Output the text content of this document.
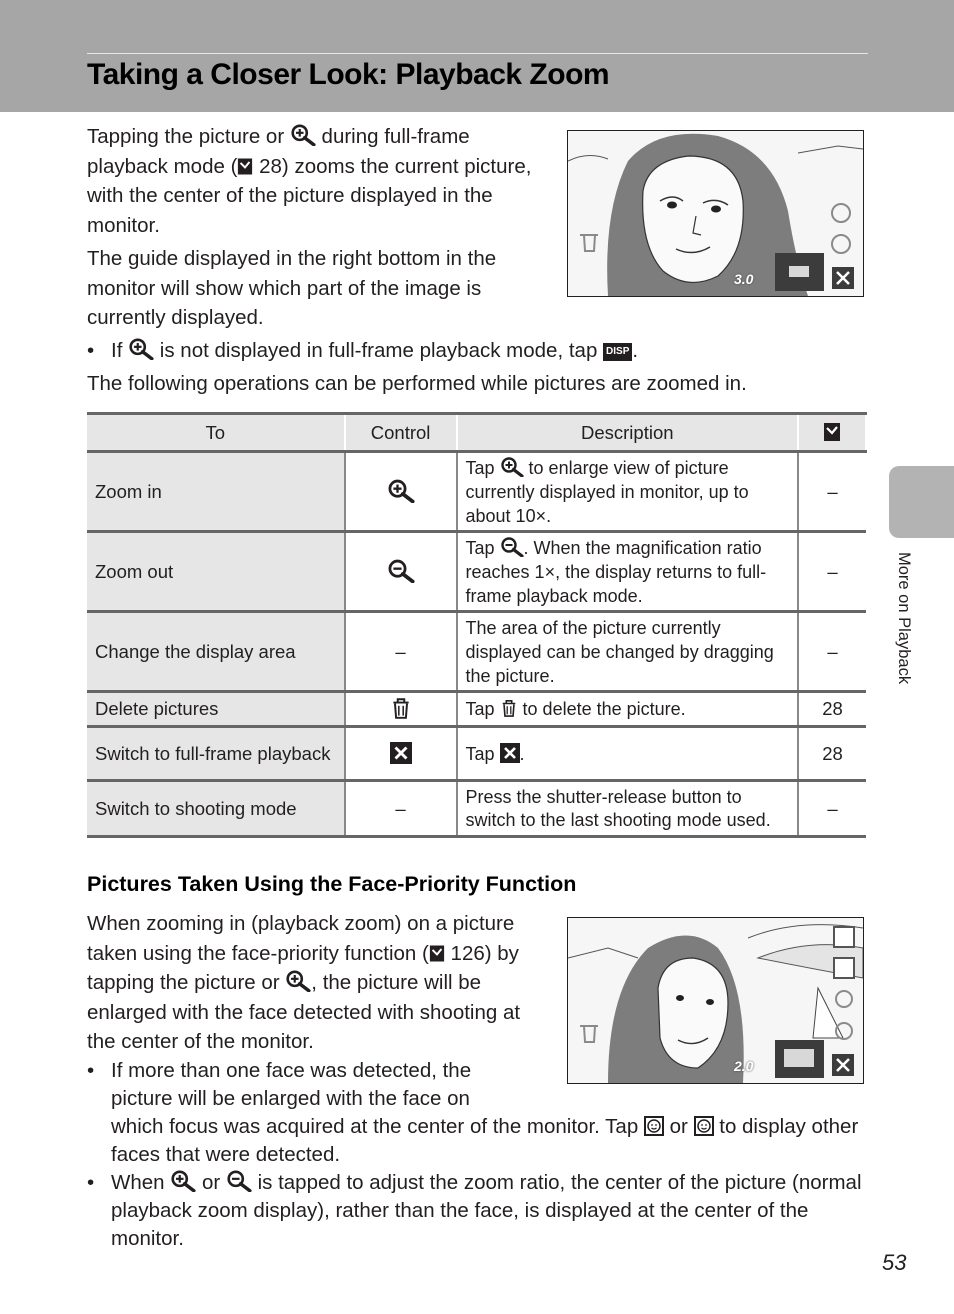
Taking a Closer Look: Playback Zoom

Tapping the picture or  during full-frame playback mode ( 28) zooms the current picture, with the center of the picture displayed in the monitor.

The guide displayed in the right bottom in the monitor will show which part of the image is currently displayed.

• If  is not displayed in full-frame playback mode, tap DISP .

The following operations can be performed while pictures are zoomed in.

3.0
To	Control	Description	
Zoom in		Tap  to enlarge view of picture currently displayed in monitor, up to about 10×.	–
Zoom out		Tap . When the magnification ratio reaches 1×, the display returns to full-frame playback mode.	–
Change the display area	–	The area of the picture currently displayed can be changed by dragging the picture.	–
Delete pictures		Tap  to delete the picture.	28
Switch to full-frame playback		Tap .	28
Switch to shooting mode	–	Press the shutter-release button to switch to the last shooting mode used.	–
Pictures Taken Using the Face-Priority Function

When zooming in (playback zoom) on a picture taken using the face-priority function ( 126) by tapping the picture or , the picture will be enlarged with the face detected with shooting at the center of the monitor.

• When  or  is tapped to adjust the zoom ratio, the center of the picture (normal playback zoom display), rather than the face, is displayed at the center of the monitor.
2.0
More on Playback
53
• If more than one face was detected, the picture will be enlarged with the face on
which focus was acquired at the center of the monitor. Tap  or  to display other faces that were detected.
